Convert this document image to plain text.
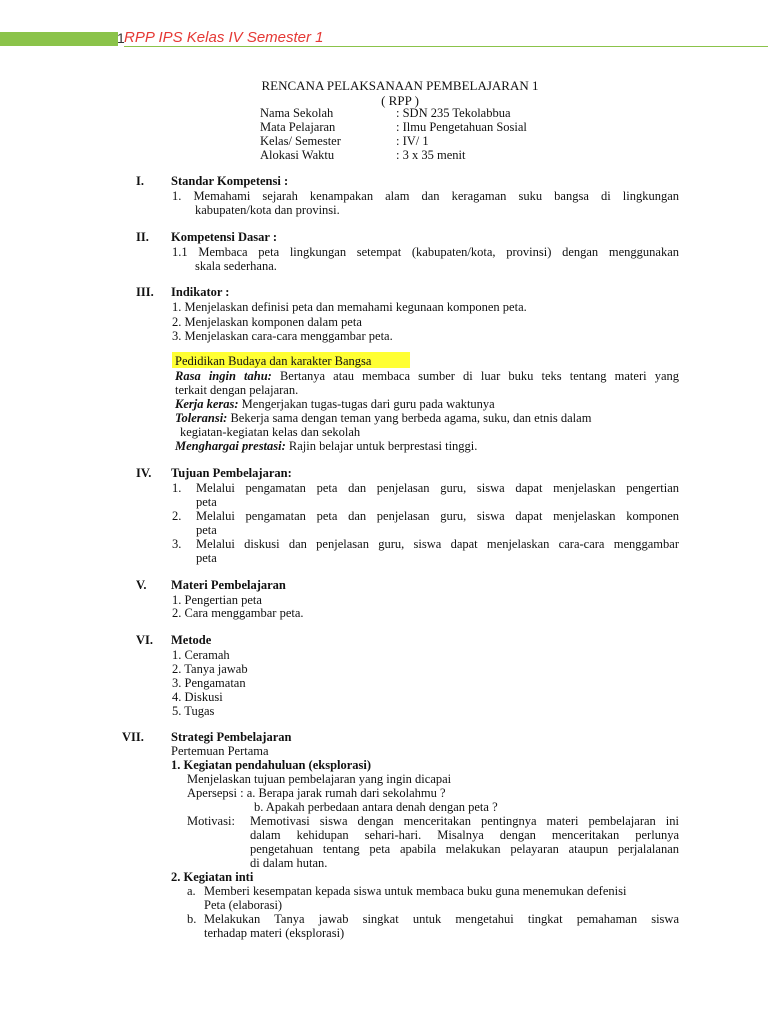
1 RPP IPS Kelas IV Semester 1
RENCANA PELAKSANAAN PEMBELAJARAN 1
( RPP )
Nama Sekolah	: SDN 235 Tekolabbua
Mata Pelajaran	: Ilmu Pengetahuan Sosial
Kelas/ Semester	: IV/ 1
Alokasi Waktu	: 3 x 35 menit
I.	Standar Kompetensi :
1. Memahami sejarah kenampakan alam dan keragaman suku bangsa di lingkungan
kabupaten/kota dan provinsi.
II.	Kompetensi Dasar :
1.1 Membaca peta lingkungan setempat (kabupaten/kota, provinsi) dengan menggunakan
skala sederhana.
III.	Indikator :
1. Menjelaskan definisi peta dan memahami kegunaan komponen peta.
2. Menjelaskan komponen dalam peta
3. Menjelaskan cara-cara menggambar peta.
Pedidikan Budaya dan karakter Bangsa
Rasa ingin tahu: Bertanya atau membaca sumber di luar buku teks tentang materi yang
terkait dengan pelajaran.
Kerja keras: Mengerjakan tugas-tugas dari guru pada waktunya
Toleransi: Bekerja sama dengan teman yang berbeda agama, suku, dan etnis dalam
kegiatan-kegiatan kelas dan sekolah
Menghargai prestasi: Rajin belajar untuk berprestasi tinggi.
IV.	Tujuan Pembelajaran:
1. Melalui pengamatan peta dan penjelasan guru, siswa dapat menjelaskan pengertian
peta
2. Melalui pengamatan peta dan penjelasan guru, siswa dapat menjelaskan komponen
peta
3. Melalui diskusi dan penjelasan guru, siswa dapat menjelaskan cara-cara menggambar
peta
V.	Materi Pembelajaran
1. Pengertian peta
2. Cara menggambar peta.
VI.	Metode
1. Ceramah
2. Tanya jawab
3. Pengamatan
4. Diskusi
5. Tugas
VII.	Strategi Pembelajaran
Pertemuan Pertama
1. Kegiatan pendahuluan (eksplorasi)
Menjelaskan tujuan pembelajaran yang ingin dicapai
Apersepsi : a. Berapa jarak rumah dari sekolahmu ?
b. Apakah perbedaan antara denah dengan peta ?
Motivasi: Memotivasi siswa dengan menceritakan pentingnya materi pembelajaran ini
dalam kehidupan sehari-hari. Misalnya dengan menceritakan perlunya
pengetahuan tentang peta apabila melakukan pelayaran ataupun perjalalanan
di dalam hutan.
2. Kegiatan inti
a. Memberi kesempatan kepada siswa untuk membaca buku guna menemukan defenisi
Peta (elaborasi)
b. Melakukan Tanya jawab singkat untuk mengetahui tingkat pemahaman siswa
terhadap materi (eksplorasi)
